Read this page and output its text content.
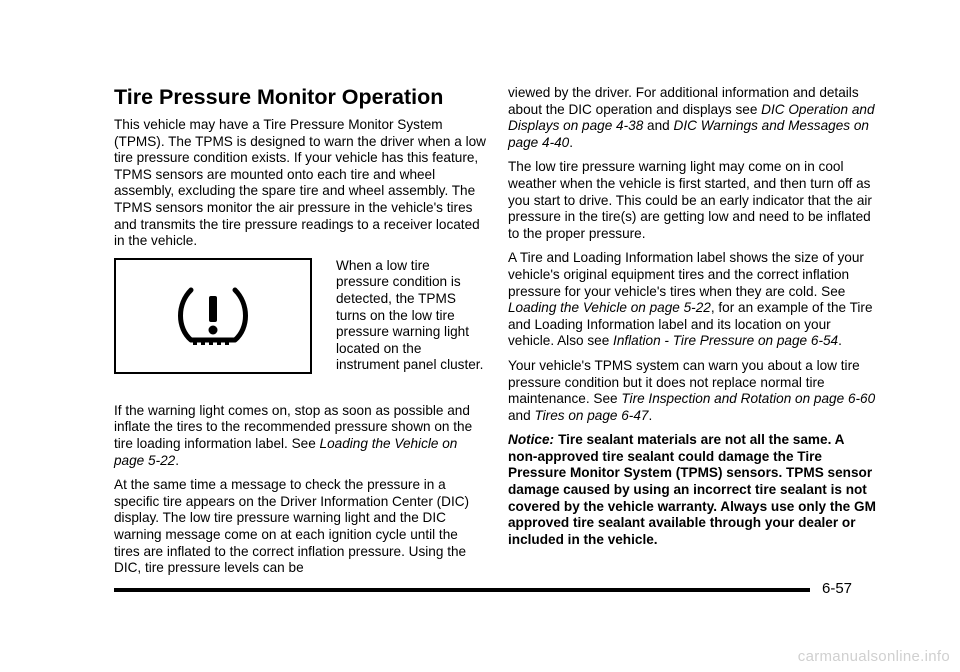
Tire Pressure Monitor Operation

This vehicle may have a Tire Pressure Monitor System (TPMS). The TPMS is designed to warn the driver when a low tire pressure condition exists. If your vehicle has this feature, TPMS sensors are mounted onto each tire and wheel assembly, excluding the spare tire and wheel assembly. The TPMS sensors monitor the air pressure in the vehicle's tires and transmits the tire pressure readings to a receiver located in the vehicle.

When a low tire pressure condition is detected, the TPMS turns on the low tire pressure warning light located on the instrument panel cluster.

If the warning light comes on, stop as soon as possible and inflate the tires to the recommended pressure shown on the tire loading information label. See Loading the Vehicle on page 5-22.

At the same time a message to check the pressure in a specific tire appears on the Driver Information Center (DIC) display. The low tire pressure warning light and the DIC warning message come on at each ignition cycle until the tires are inflated to the correct inflation pressure. Using the DIC, tire pressure levels can be

viewed by the driver. For additional information and details about the DIC operation and displays see DIC Operation and Displays on page 4-38 and DIC Warnings and Messages on page 4-40.

The low tire pressure warning light may come on in cool weather when the vehicle is first started, and then turn off as you start to drive. This could be an early indicator that the air pressure in the tire(s) are getting low and need to be inflated to the proper pressure.

A Tire and Loading Information label shows the size of your vehicle's original equipment tires and the correct inflation pressure for your vehicle's tires when they are cold. See Loading the Vehicle on page 5-22, for an example of the Tire and Loading Information label and its location on your vehicle. Also see Inflation - Tire Pressure on page 6-54.

Your vehicle's TPMS system can warn you about a low tire pressure condition but it does not replace normal tire maintenance. See Tire Inspection and Rotation on page 6-60 and Tires on page 6-47.

Notice: Tire sealant materials are not all the same. A non-approved tire sealant could damage the Tire Pressure Monitor System (TPMS) sensors. TPMS sensor damage caused by using an incorrect tire sealant is not covered by the vehicle warranty. Always use only the GM approved tire sealant available through your dealer or included in the vehicle.

6-57
carmanualsonline.info
